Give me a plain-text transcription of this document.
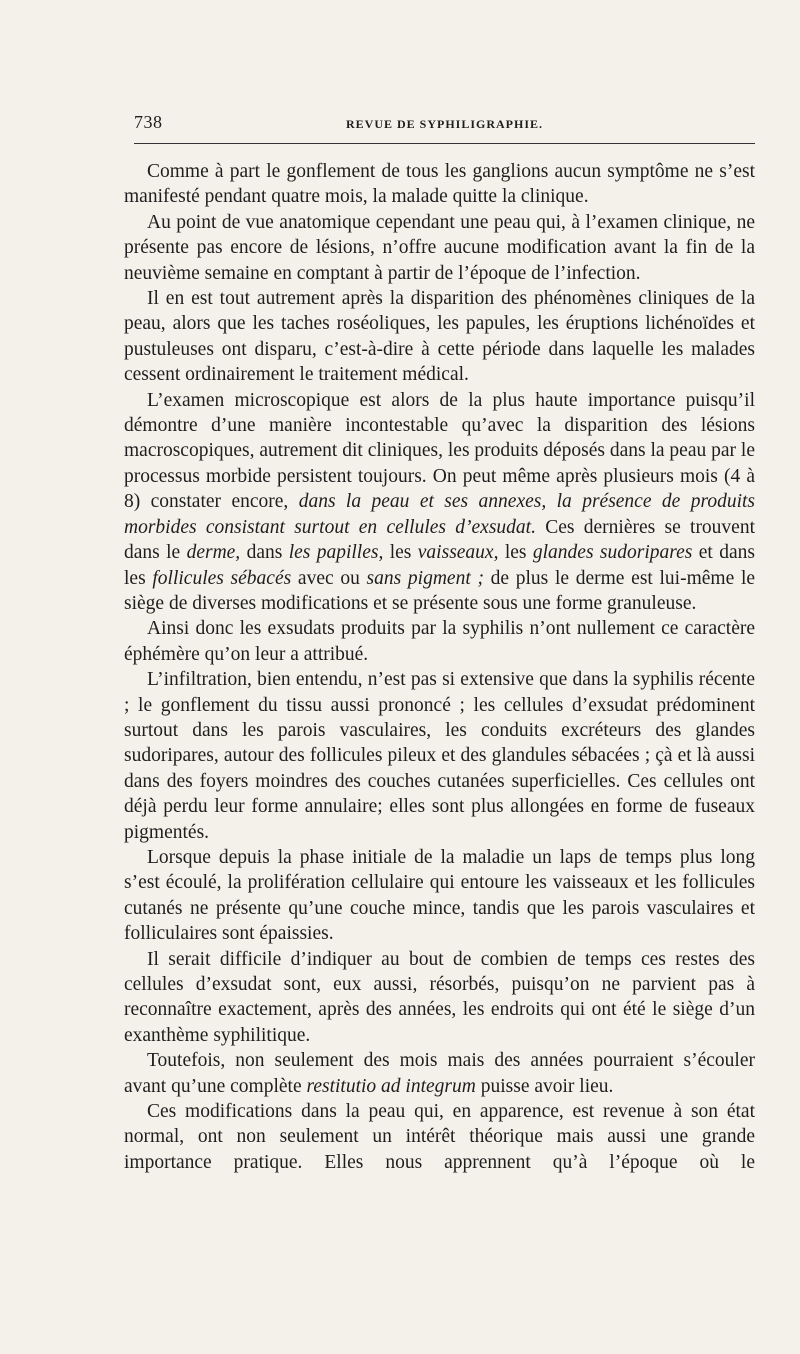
738	REVUE DE SYPHILIGRAPHIE.

Comme à part le gonflement de tous les ganglions aucun symptôme ne s’est manifesté pendant quatre mois, la malade quitte la clinique.

Au point de vue anatomique cependant une peau qui, à l’examen clinique, ne présente pas encore de lésions, n’offre aucune modification avant la fin de la neuvième semaine en comptant à partir de l’époque de l’infection.

Il en est tout autrement après la disparition des phénomènes cliniques de la peau, alors que les taches roséoliques, les papules, les éruptions lichénoïdes et pustuleuses ont disparu, c’est-à-dire à cette période dans laquelle les malades cessent ordinairement le traitement médical.

L’examen microscopique est alors de la plus haute importance puisqu’il démontre d’une manière incontestable qu’avec la disparition des lésions macroscopiques, autrement dit cliniques, les produits déposés dans la peau par le processus morbide persistent toujours. On peut même après plusieurs mois (4 à 8) constater encore, dans la peau et ses annexes, la présence de produits morbides consistant surtout en cellules d’exsudat. Ces dernières se trouvent dans le derme, dans les papilles, les vaisseaux, les glandes sudoripares et dans les follicules sébacés avec ou sans pigment ; de plus le derme est lui-même le siège de diverses modifications et se présente sous une forme granuleuse.

Ainsi donc les exsudats produits par la syphilis n’ont nullement ce caractère éphémère qu’on leur a attribué.

L’infiltration, bien entendu, n’est pas si extensive que dans la syphilis récente ; le gonflement du tissu aussi prononcé ; les cellules d’exsudat prédominent surtout dans les parois vasculaires, les conduits excréteurs des glandes sudoripares, autour des follicules pileux et des glandules sébacées ; çà et là aussi dans des foyers moindres des couches cutanées superficielles. Ces cellules ont déjà perdu leur forme annulaire; elles sont plus allongées en forme de fuseaux pigmentés.

Lorsque depuis la phase initiale de la maladie un laps de temps plus long s’est écoulé, la prolifération cellulaire qui entoure les vaisseaux et les follicules cutanés ne présente qu’une couche mince, tandis que les parois vasculaires et folliculaires sont épaissies.

Il serait difficile d’indiquer au bout de combien de temps ces restes des cellules d’exsudat sont, eux aussi, résorbés, puisqu’on ne parvient pas à reconnaître exactement, après des années, les endroits qui ont été le siège d’un exanthème syphilitique.

Toutefois, non seulement des mois mais des années pourraient s’écouler avant qu’une complète restitutio ad integrum puisse avoir lieu.

Ces modifications dans la peau qui, en apparence, est revenue à son état normal, ont non seulement un intérêt théorique mais aussi une grande importance pratique. Elles nous apprennent qu’à l’époque où le
